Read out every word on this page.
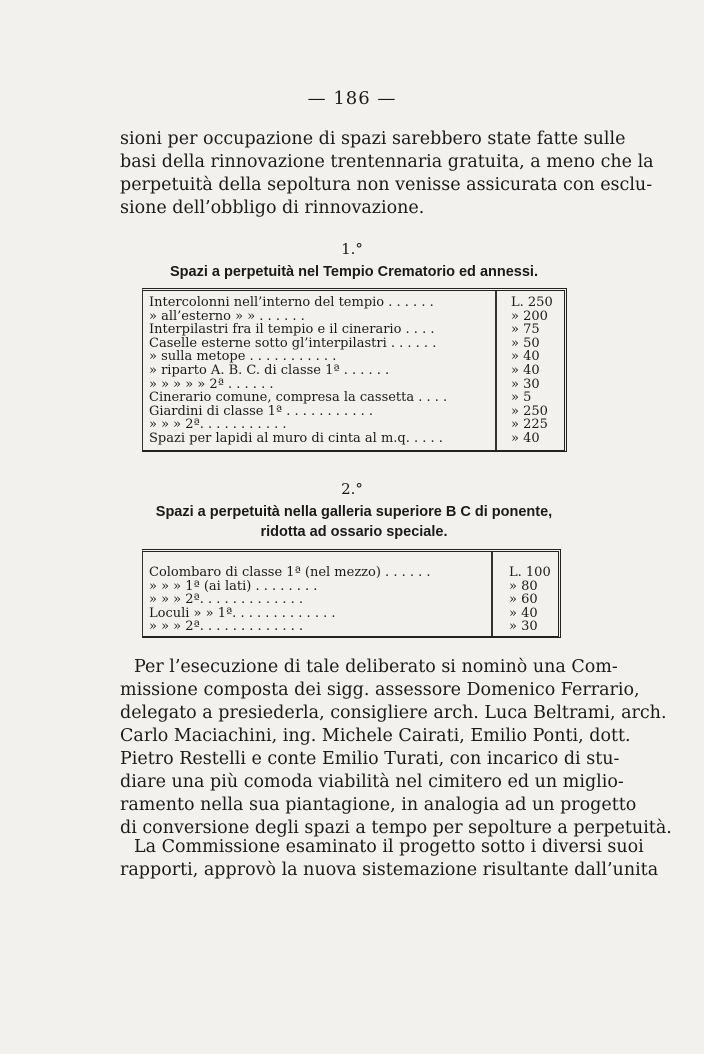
— 186 —

sioni per occupazione di spazi sarebbero state fatte sulle
basi della rinnovazione trentennaria gratuita, a meno che la
perpetuità della sepoltura non venisse assicurata con esclu-
sione dell’obbligo di rinnovazione.

1.°
Spazi a perpetuità nel Tempio Crematorio ed annessi.
Intercolonni nell’interno del tempio . . . . . .	L. 250
» all’esterno » » . . . . . .	» 200
Interpilastri fra il tempio e il cinerario . . . .	» 75
Caselle esterne sotto gl’interpilastri . . . . . .	» 50
» sulla metope . . . . . . . . . . .	» 40
» riparto A. B. C. di classe 1ª . . . . . .	» 40
» » » » » 2ª . . . . . .	» 30
Cinerario comune, compresa la cassetta . . . .	» 5
Giardini di classe 1ª . . . . . . . . . . .	» 250
» » » 2ª. . . . . . . . . . .	» 225
Spazi per lapidi al muro di cinta al m.q. . . . .	» 40
2.°
Spazi a perpetuità nella galleria superiore B C di ponente,
ridotta ad ossario speciale.
Colombaro di classe 1ª (nel mezzo) . . . . . .	L. 100
» » » 1ª (ai lati) . . . . . . . .	» 80
» » » 2ª. . . . . . . . . . . . .	» 60
Loculi » » 1ª. . . . . . . . . . . . .	» 40
» » » 2ª. . . . . . . . . . . . .	» 30

Per l’esecuzione di tale deliberato si nominò una Com-
missione composta dei sigg. assessore Domenico Ferrario,
delegato a presiederla, consigliere arch. Luca Beltrami, arch.
Carlo Maciachini, ing. Michele Cairati, Emilio Ponti, dott.
Pietro Restelli e conte Emilio Turati, con incarico di stu-
diare una più comoda viabilità nel cimitero ed un miglio-
ramento nella sua piantagione, in analogia ad un progetto
di conversione degli spazi a tempo per sepolture a perpetuità.

La Commissione esaminato il progetto sotto i diversi suoi
rapporti, approvò la nuova sistemazione risultante dall’unita
